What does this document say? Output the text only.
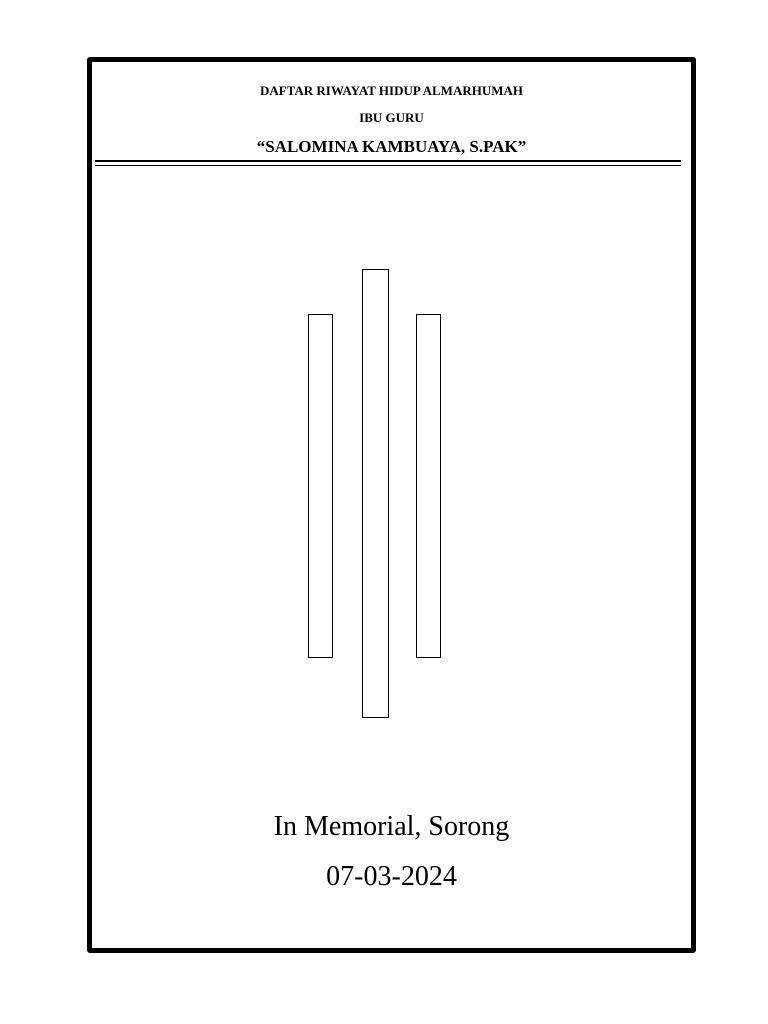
DAFTAR RIWAYAT HIDUP ALMARHUMAH
IBU GURU
“SALOMINA KAMBUAYA, S.PAK”
In Memorial, Sorong
07-03-2024
